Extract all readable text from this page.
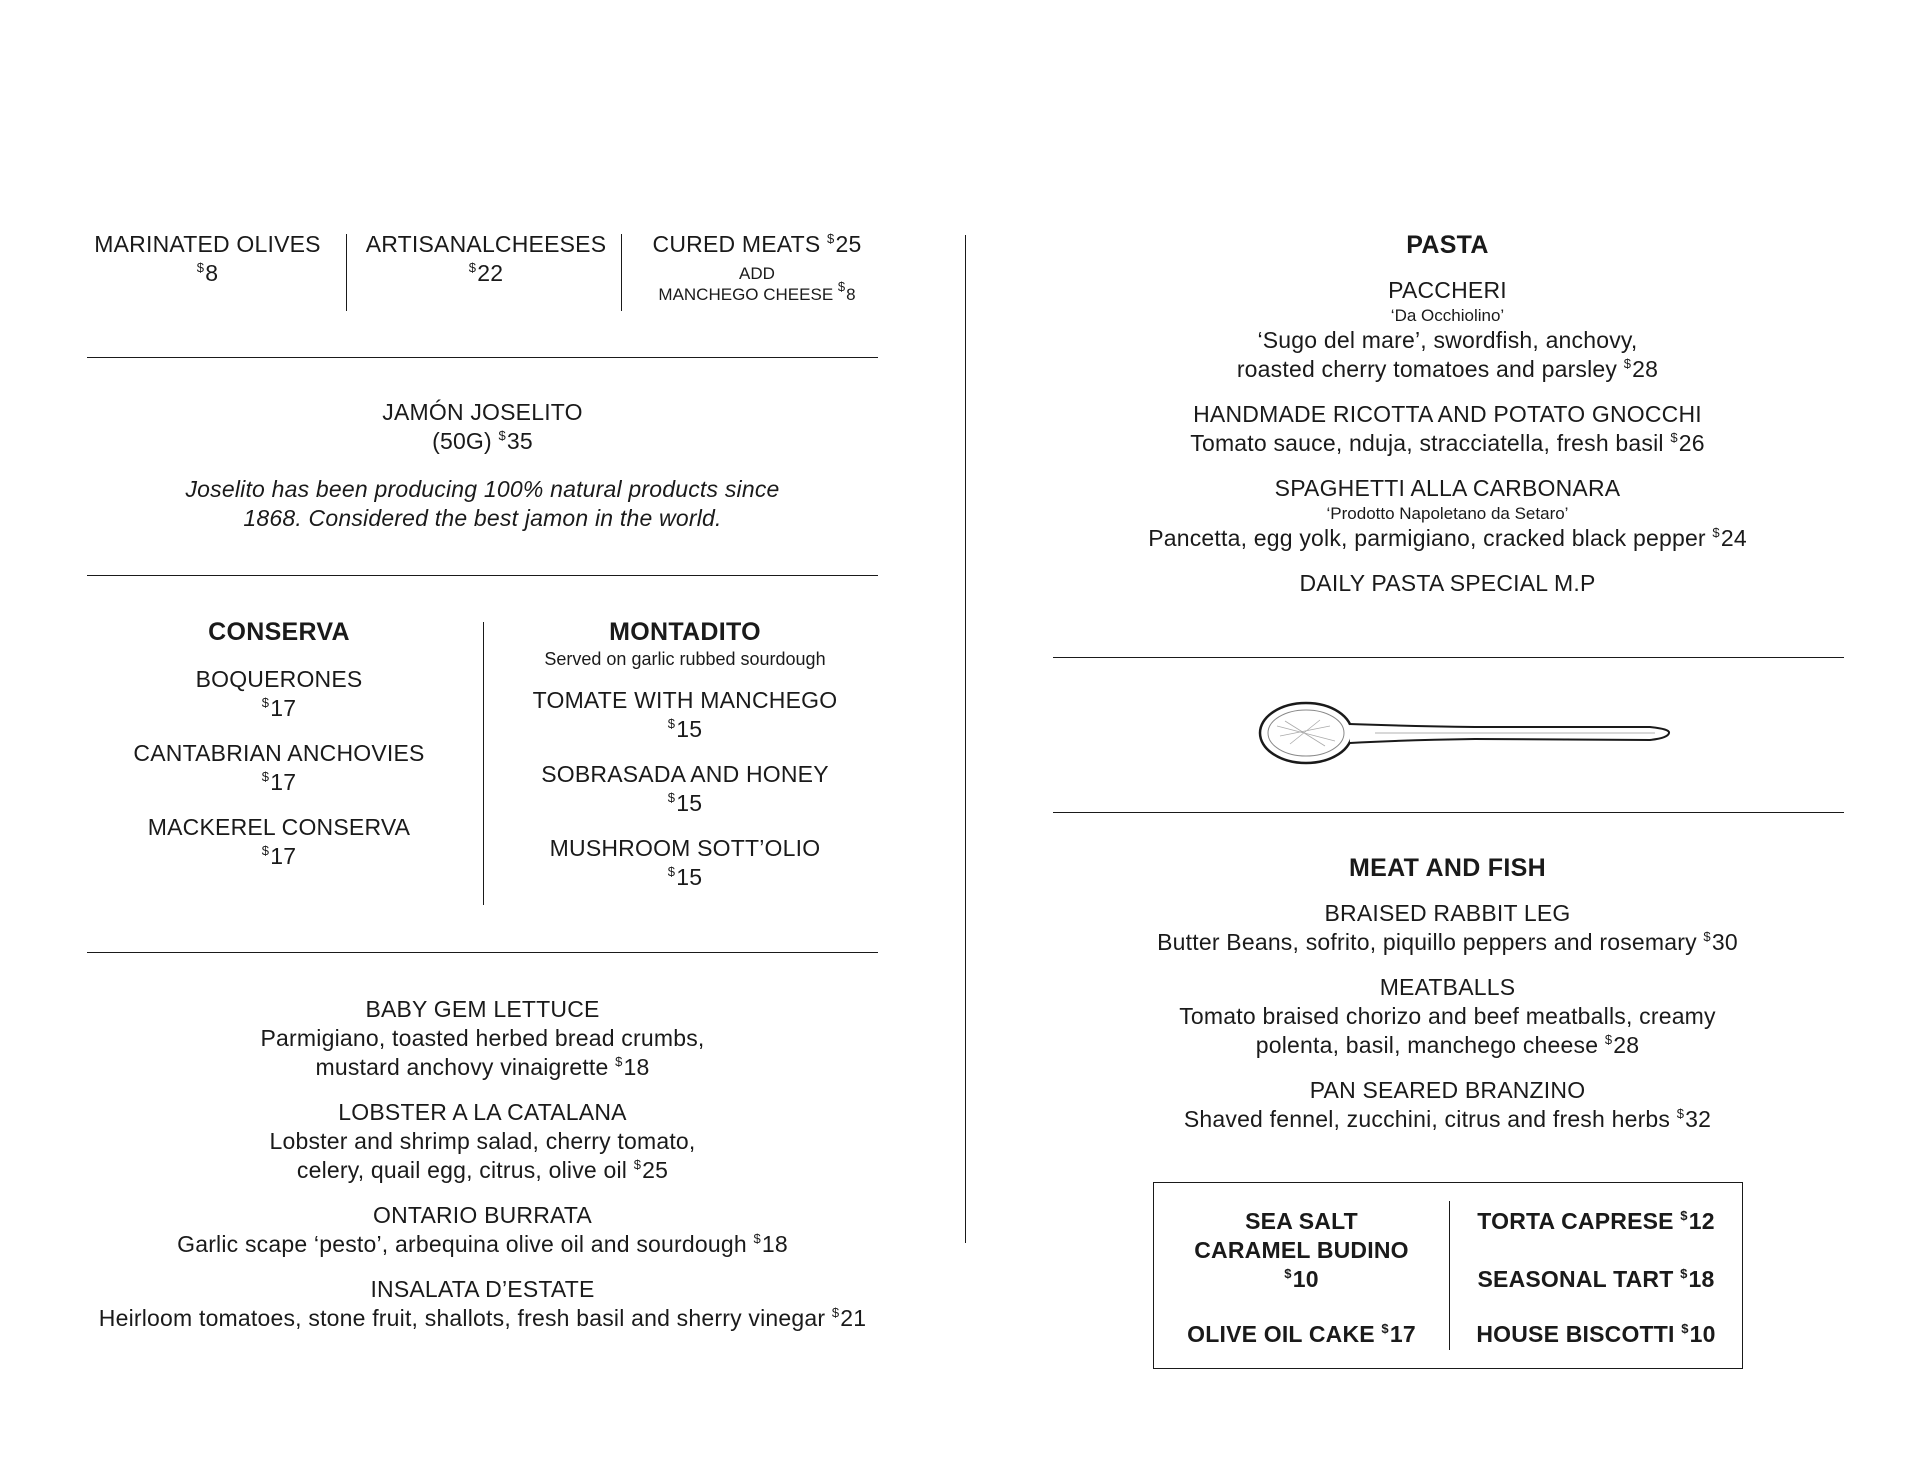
MARINATED OLIVES
$8
ARTISANALCHEESES
$22
CURED MEATS $25
ADD
MANCHEGO CHEESE $8
JAMÓN JOSELITO
(50G) $35
Joselito has been producing 100% natural products since
1868. Considered the best jamon in the world.
CONSERVA
BOQUERONES
$17
CANTABRIAN ANCHOVIES
$17
MACKEREL CONSERVA
$17
MONTADITO
Served on garlic rubbed sourdough
TOMATE WITH MANCHEGO
$15
SOBRASADA AND HONEY
$15
MUSHROOM SOTT’OLIO
$15
BABY GEM LETTUCE
Parmigiano, toasted herbed bread crumbs,
mustard anchovy vinaigrette $18
LOBSTER A LA CATALANA
Lobster and shrimp salad, cherry tomato,
celery, quail egg, citrus, olive oil $25
ONTARIO BURRATA
Garlic scape ‘pesto’, arbequina olive oil and sourdough $18
INSALATA D’ESTATE
Heirloom tomatoes, stone fruit, shallots, fresh basil and sherry vinegar $21
PASTA
PACCHERI
‘Da Occhiolino’
‘Sugo del mare’, swordfish, anchovy,
roasted cherry tomatoes and parsley $28
HANDMADE RICOTTA AND POTATO GNOCCHI
Tomato sauce, nduja, stracciatella, fresh basil $26
SPAGHETTI ALLA CARBONARA
‘Prodotto Napoletano da Setaro’
Pancetta, egg yolk, parmigiano, cracked black pepper $24
DAILY PASTA SPECIAL M.P
MEAT AND FISH
BRAISED RABBIT LEG
Butter Beans, sofrito, piquillo peppers and rosemary $30
MEATBALLS
Tomato braised chorizo and beef meatballs, creamy
polenta, basil, manchego cheese $28
PAN SEARED BRANZINO
Shaved fennel, zucchini, citrus and fresh herbs $32
SEA SALT
CARAMEL BUDINO
$10
OLIVE OIL CAKE $17
TORTA CAPRESE $12
SEASONAL TART $18
HOUSE BISCOTTI $10
